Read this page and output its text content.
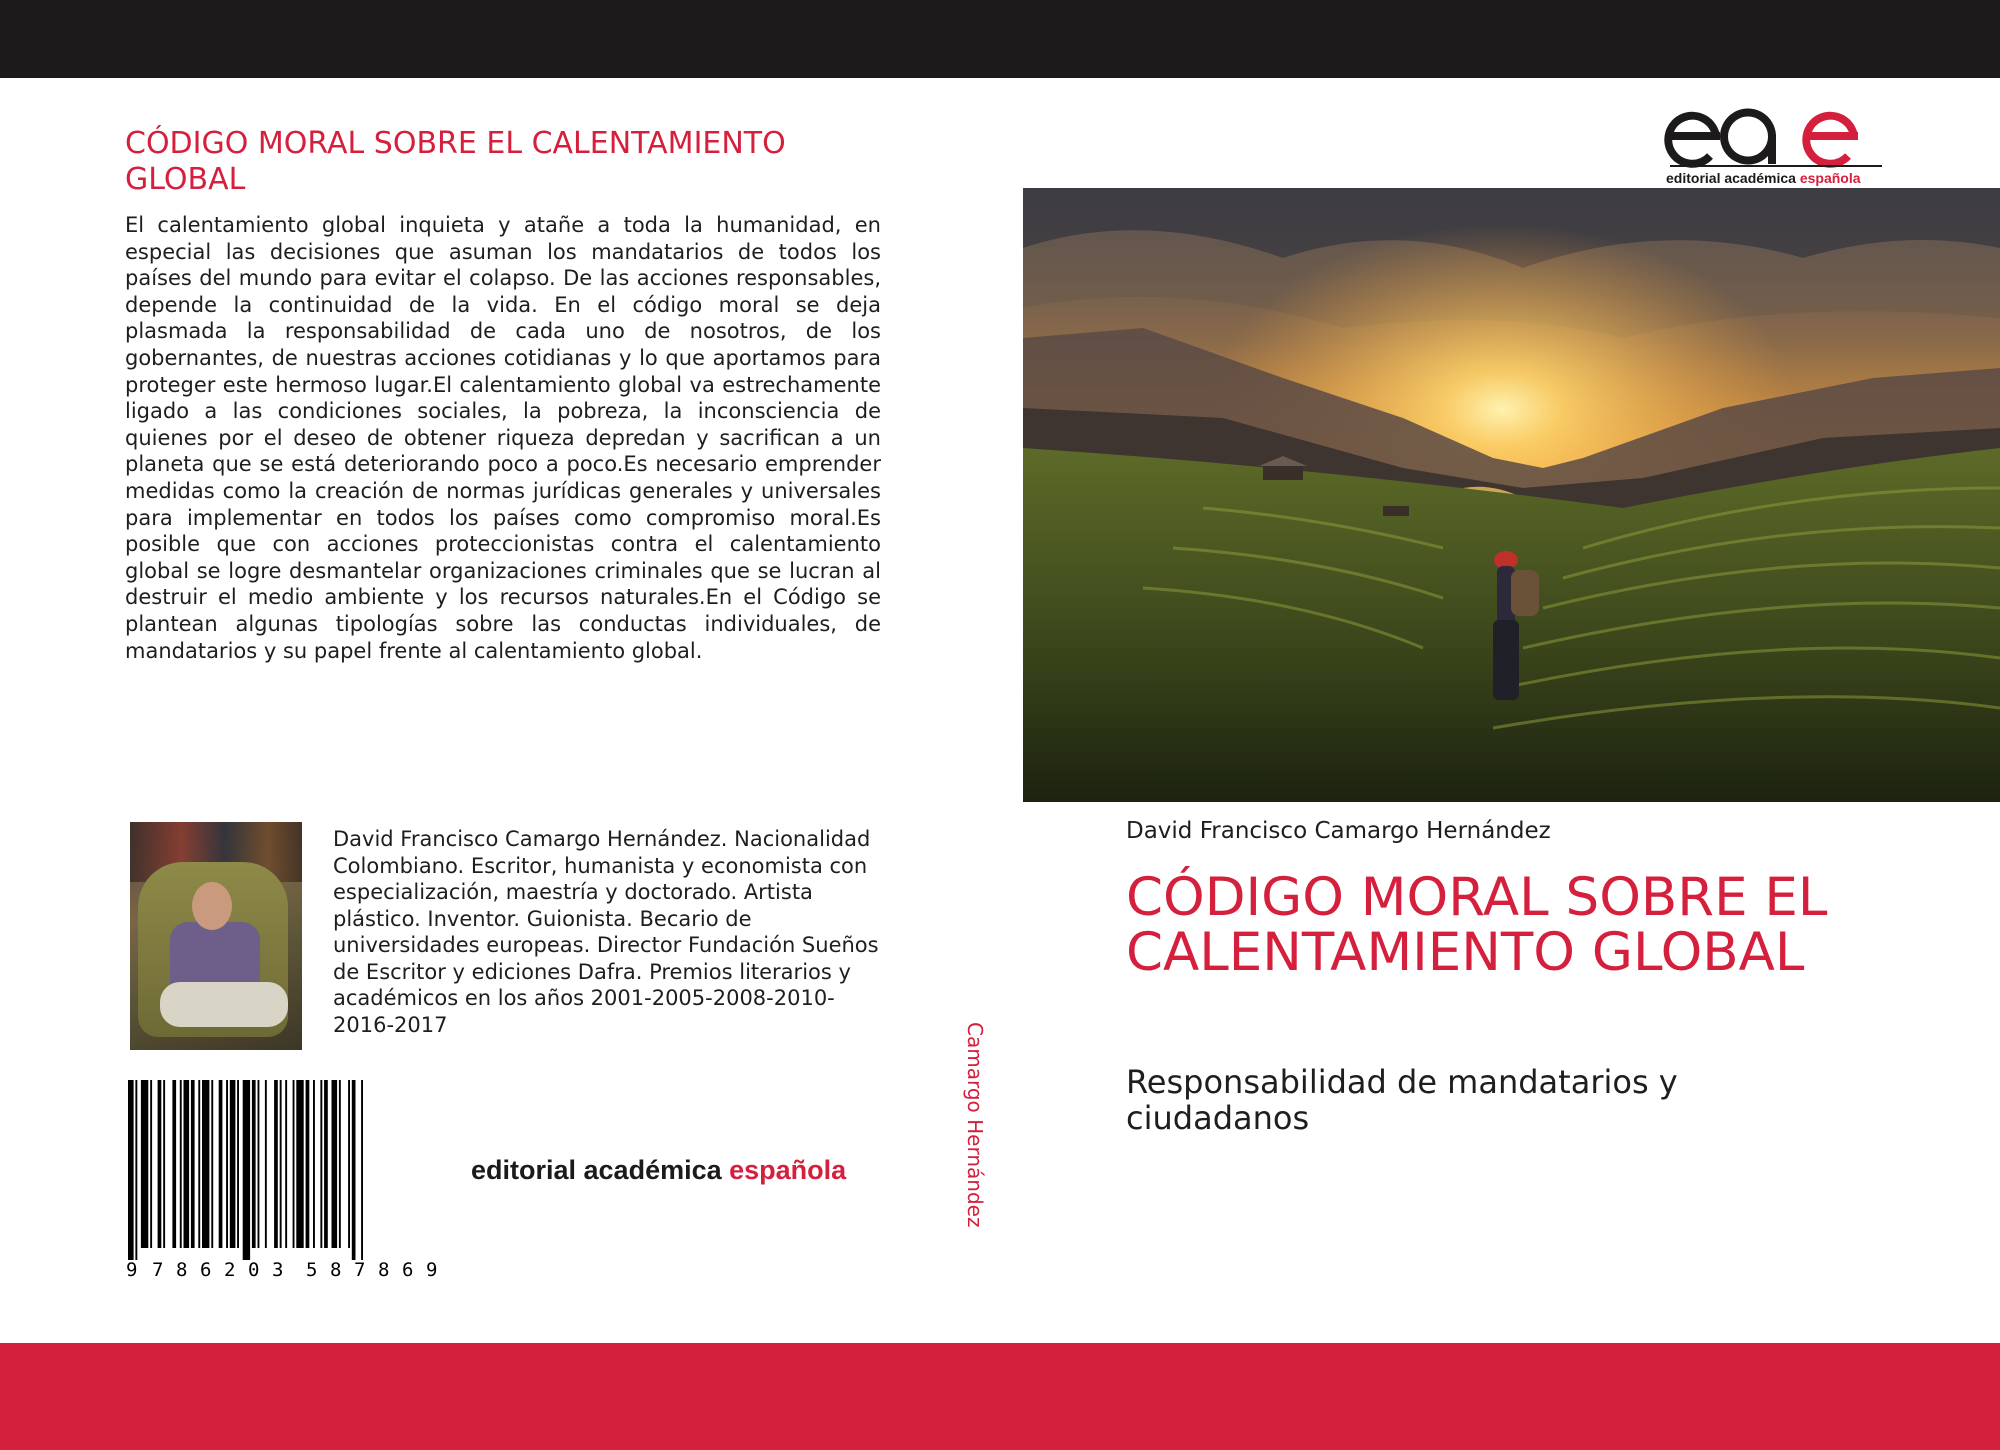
CÓDIGO MORAL SOBRE EL CALENTAMIENTO GLOBAL

El calentamiento global inquieta y atañe a toda la humanidad, en especial las decisiones que asuman los mandatarios de todos los países del mundo para evitar el colapso. De las acciones responsables, depende la continuidad de la vida. En el código moral se deja plasmada la responsabilidad de cada uno de nosotros, de los gobernantes, de nuestras acciones cotidianas y lo que aportamos para proteger este hermoso lugar.El calentamiento global va estrechamente ligado a las condiciones sociales, la pobreza, la inconsciencia de quienes por el deseo de obtener riqueza depredan y sacrifican a un planeta que se está deteriorando poco a poco.Es necesario emprender medidas como la creación de normas jurídicas generales y universales para implementar en todos los países como compromiso moral.Es posible que con acciones proteccionistas contra el calentamiento global se logre desmantelar organizaciones criminales que se lucran al destruir el medio ambiente y los recursos naturales.En el Código se plantean algunas tipologías sobre las conductas individuales, de mandatarios y su papel frente al calentamiento global.

David Francisco Camargo Hernández. Nacionalidad Colombiano. Escritor, humanista y economista con especialización, maestría y doctorado. Artista plástico. Inventor. Guionista. Becario de universidades europeas. Director Fundación Sueños de Escritor y ediciones Dafra. Premios literarios y académicos en los años 2001-2005-2008-2010-2016-2017

9 7 8 6 2 0 3 5 8 7 8 6 9
editorial académica española	Camargo Hernández
editorial académica española
David Francisco Camargo Hernández
CÓDIGO MORAL SOBRE EL CALENTAMIENTO GLOBAL
Responsabilidad de mandatarios y ciudadanos
